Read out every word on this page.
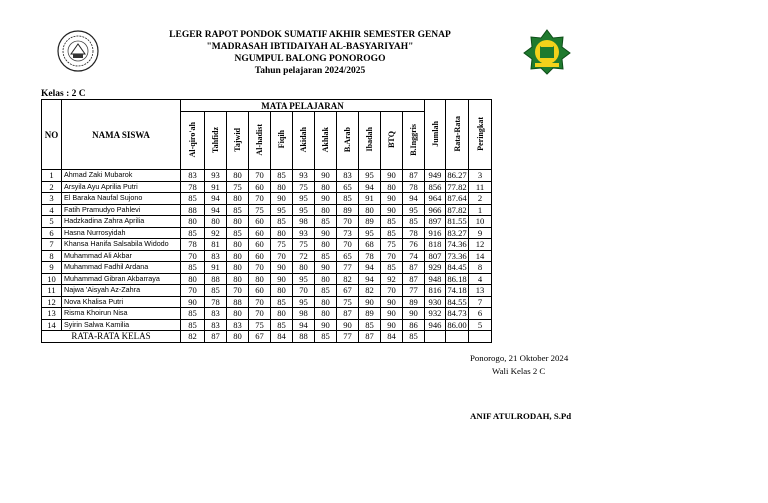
LEGER RAPOT PONDOK SUMATIF AKHIR SEMESTER GENAP
"MADRASAH IBTIDAIYAH AL-BASYARIYAH"
NGUMPUL BALONG PONOROGO
Tahun pelajaran 2024/2025
Kelas : 2 C
NO	NAMA SISWA	MATA PELAJARAN											Jumlah	Rata-Rata	Peringkat
		Al-qiro'ah	Tahfidz	Tajwid	Al-hadist	Fiqih	Akidah	Akhlak	B.Arab	Ibadah	BTQ	B.Inggris			
1	Ahmad Zaki Mubarok	83	93	80	70	85	93	90	83	95	90	87	949	86.27	3
2	Arsyila Ayu Aprilia Putri	78	91	75	60	80	75	80	65	94	80	78	856	77.82	11
3	El Baraka Naufal Sujono	85	94	80	70	90	95	90	85	91	90	94	964	87.64	2
4	Fatih Pramudyo Pahlevi	88	94	85	75	95	95	80	89	80	90	95	966	87.82	1
5	Hadzkadina Zahra Aprilia	80	80	80	60	85	98	85	70	89	85	85	897	81.55	10
6	Hasna Nurrosyidah	85	92	85	60	80	93	90	73	95	85	78	916	83.27	9
7	Khansa Hanifa Salsabila Widodo	78	81	80	60	75	75	80	70	68	75	76	818	74.36	12
8	Muhammad Ali Akbar	70	83	80	60	70	72	85	65	78	70	74	807	73.36	14
9	Muhammad Fadhil Ardana	85	91	80	70	90	80	90	77	94	85	87	929	84.45	8
10	Muhammad Gibran Akbarraya	80	88	80	80	90	95	80	82	94	92	87	948	86.18	4
11	Najwa 'Aisyah Az-Zahra	70	85	70	60	80	70	85	67	82	70	77	816	74.18	13
12	Nova Khalisa Putri	90	78	88	70	85	95	80	75	90	90	89	930	84.55	7
13	Risma Khoirun Nisa	85	83	80	70	80	98	80	87	89	90	90	932	84.73	6
14	Syirin Salwa Kamilia	85	83	83	75	85	94	90	90	85	90	86	946	86.00	5
RATA-RATA KELAS		82	87	80	67	84	88	85	77	87	84	85			
Ponorogo, 21 Oktober 2024
Wali Kelas 2 C
ANIF ATULRODAH, S.Pd
